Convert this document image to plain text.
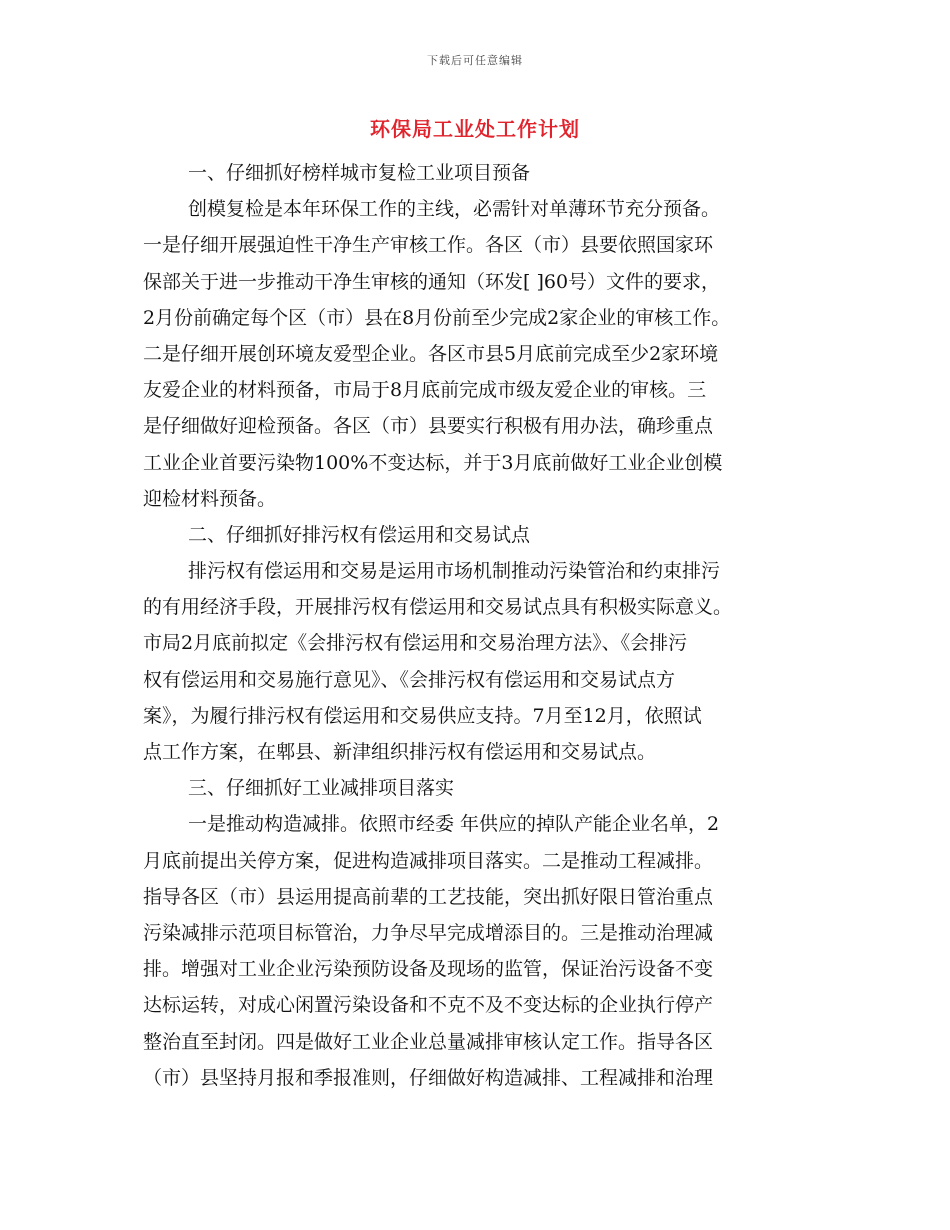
下载后可任意编辑
环保局工业处工作计划
一、仔细抓好榜样城市复检工业项目预备
创模复检是本年环保工作的主线，必需针对单薄环节充分预备。
一是仔细开展强迫性干净生产审核工作。各区（市）县要依照国家环
保部关于进一步推动干净生审核的通知（环发[ ]60号）文件的要求，
2月份前确定每个区（市）县在8月份前至少完成2家企业的审核工作。
二是仔细开展创环境友爱型企业。各区市县5月底前完成至少2家环境
友爱企业的材料预备，市局于8月底前完成市级友爱企业的审核。三
是仔细做好迎检预备。各区（市）县要实行积极有用办法，确珍重点
工业企业首要污染物100%不变达标，并于3月底前做好工业企业创模
迎检材料预备。
二、仔细抓好排污权有偿运用和交易试点
排污权有偿运用和交易是运用市场机制推动污染管治和约束排污
的有用经济手段，开展排污权有偿运用和交易试点具有积极实际意义。
市局2月底前拟定《会排污权有偿运用和交易治理方法》、《会排污
权有偿运用和交易施行意见》、《会排污权有偿运用和交易试点方
案》，为履行排污权有偿运用和交易供应支持。7月至12月，依照试
点工作方案，在郫县、新津组织排污权有偿运用和交易试点。
三、仔细抓好工业减排项目落实
一是推动构造减排。依照市经委 年供应的掉队产能企业名单，2
月底前提出关停方案，促进构造减排项目落实。二是推动工程减排。
指导各区（市）县运用提高前辈的工艺技能，突出抓好限日管治重点
污染减排示范项目标管治，力争尽早完成增添目的。三是推动治理减
排。增强对工业企业污染预防设备及现场的监管，保证治污设备不变
达标运转，对成心闲置污染设备和不克不及不变达标的企业执行停产
整治直至封闭。四是做好工业企业总量减排审核认定工作。指导各区
（市）县坚持月报和季报准则，仔细做好构造减排、工程减排和治理
